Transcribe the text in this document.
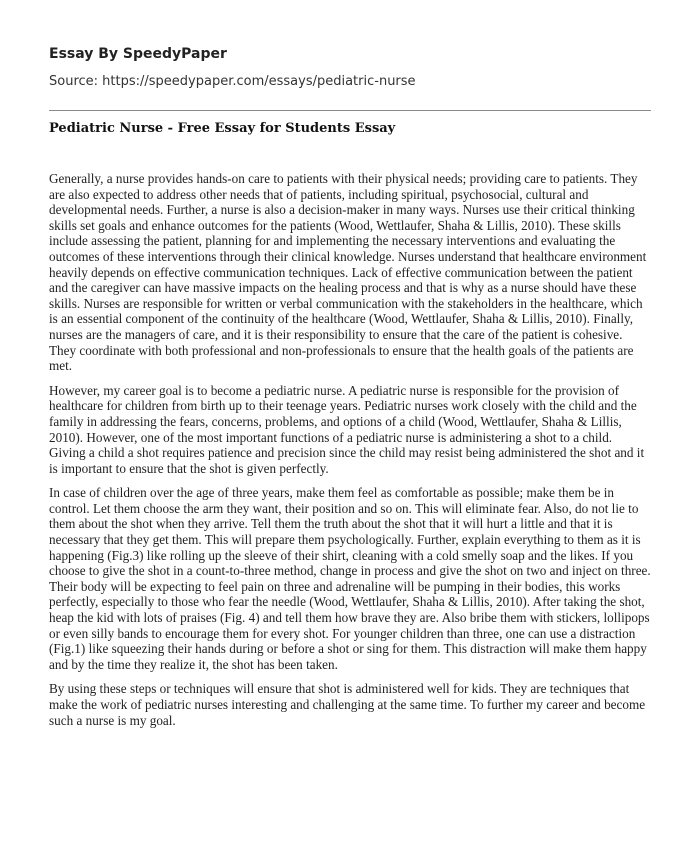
Essay By SpeedyPaper
Source: https://speedypaper.com/essays/pediatric-nurse
Pediatric Nurse - Free Essay for Students Essay

Generally, a nurse provides hands-on care to patients with their physical needs; providing care to patients. They are also expected to address other needs that of patients, including spiritual, psychosocial, cultural and developmental needs. Further, a nurse is also a decision-maker in many ways. Nurses use their critical thinking skills set goals and enhance outcomes for the patients (Wood, Wettlaufer, Shaha & Lillis, 2010). These skills include assessing the patient, planning for and implementing the necessary interventions and evaluating the outcomes of these interventions through their clinical knowledge. Nurses understand that healthcare environment heavily depends on effective communication techniques. Lack of effective communication between the patient and the caregiver can have massive impacts on the healing process and that is why as a nurse should have these skills. Nurses are responsible for written or verbal communication with the stakeholders in the healthcare, which is an essential component of the continuity of the healthcare (Wood, Wettlaufer, Shaha & Lillis, 2010). Finally, nurses are the managers of care, and it is their responsibility to ensure that the care of the patient is cohesive. They coordinate with both professional and non-professionals to ensure that the health goals of the patients are met.

However, my career goal is to become a pediatric nurse. A pediatric nurse is responsible for the provision of healthcare for children from birth up to their teenage years. Pediatric nurses work closely with the child and the family in addressing the fears, concerns, problems, and options of a child (Wood, Wettlaufer, Shaha & Lillis, 2010). However, one of the most important functions of a pediatric nurse is administering a shot to a child. Giving a child a shot requires patience and precision since the child may resist being administered the shot and it is important to ensure that the shot is given perfectly.

In case of children over the age of three years, make them feel as comfortable as possible; make them be in control. Let them choose the arm they want, their position and so on. This will eliminate fear. Also, do not lie to them about the shot when they arrive. Tell them the truth about the shot that it will hurt a little and that it is necessary that they get them. This will prepare them psychologically. Further, explain everything to them as it is happening (Fig.3) like rolling up the sleeve of their shirt, cleaning with a cold smelly soap and the likes. If you choose to give the shot in a count-to-three method, change in process and give the shot on two and inject on three. Their body will be expecting to feel pain on three and adrenaline will be pumping in their bodies, this works perfectly, especially to those who fear the needle (Wood, Wettlaufer, Shaha & Lillis, 2010). After taking the shot, heap the kid with lots of praises (Fig. 4) and tell them how brave they are. Also bribe them with stickers, lollipops or even silly bands to encourage them for every shot. For younger children than three, one can use a distraction (Fig.1) like squeezing their hands during or before a shot or sing for them. This distraction will make them happy and by the time they realize it, the shot has been taken.

By using these steps or techniques will ensure that shot is administered well for kids. They are techniques that make the work of pediatric nurses interesting and challenging at the same time. To further my career and become such a nurse is my goal.
